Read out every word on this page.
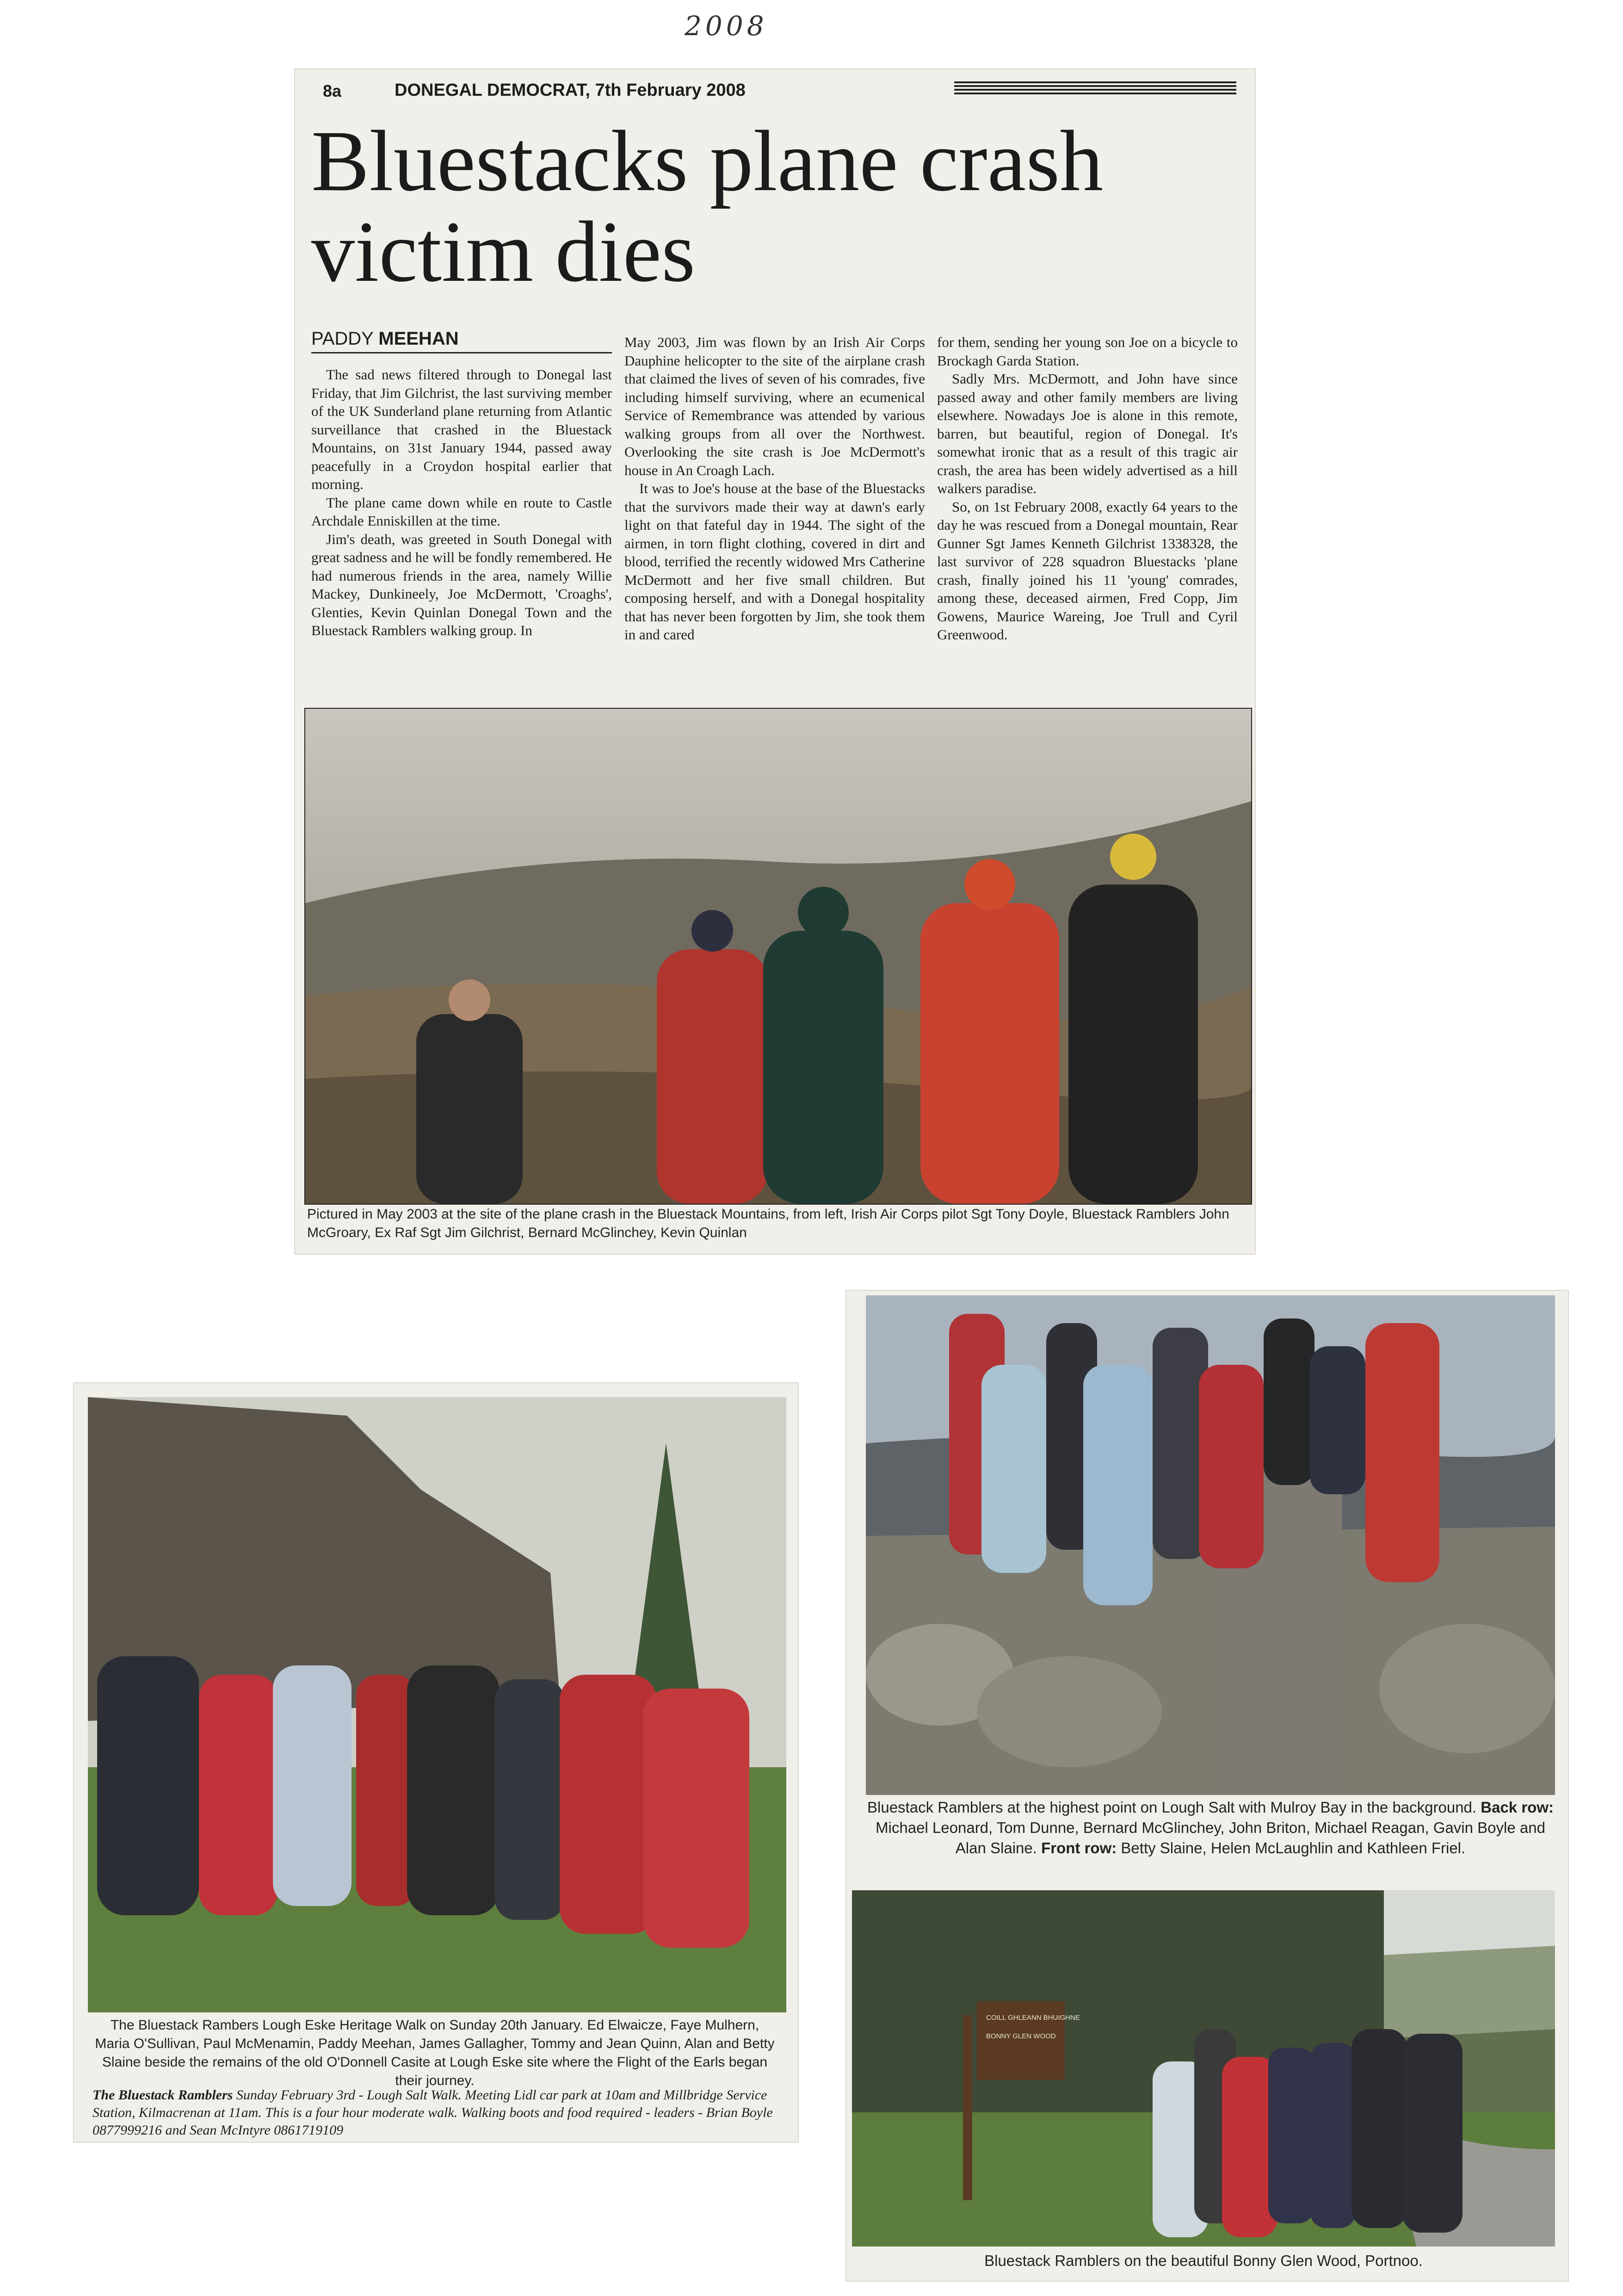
2008
8a	DONEGAL DEMOCRAT, 7th February 2008
Bluestacks plane crash victim dies
PADDY MEEHAN

The sad news filtered through to Donegal last Friday, that Jim Gilchrist, the last surviving member of the UK Sunderland plane returning from Atlantic surveillance that crashed in the Bluestack Mountains, on 31st January 1944, passed away peacefully in a Croydon hospital earlier that morning.

The plane came down while en route to Castle Archdale Enniskillen at the time.

Jim's death, was greeted in South Donegal with great sadness and he will be fondly remembered. He had numerous friends in the area, namely Willie Mackey, Dunkineely, Joe McDermott, 'Croaghs', Glenties, Kevin Quinlan Donegal Town and the Bluestack Ramblers walking group. In

May 2003, Jim was flown by an Irish Air Corps Dauphine helicopter to the site of the airplane crash that claimed the lives of seven of his comrades, five including himself surviving, where an ecumenical Service of Remembrance was attended by various walking groups from all over the Northwest. Overlooking the site crash is Joe McDermott's house in An Croagh Lach.

It was to Joe's house at the base of the Bluestacks that the survivors made their way at dawn's early light on that fateful day in 1944. The sight of the airmen, in torn flight clothing, covered in dirt and blood, terrified the recently widowed Mrs Catherine McDermott and her five small children. But composing herself, and with a Donegal hospitality that has never been forgotten by Jim, she took them in and cared

for them, sending her young son Joe on a bicycle to Brockagh Garda Station.

Sadly Mrs. McDermott, and John have since passed away and other family members are living elsewhere. Nowadays Joe is alone in this remote, barren, but beautiful, region of Donegal. It's somewhat ironic that as a result of this tragic air crash, the area has been widely advertised as a hill walkers paradise.

So, on 1st February 2008, exactly 64 years to the day he was rescued from a Donegal mountain, Rear Gunner Sgt James Kenneth Gilchrist 1338328, the last survivor of 228 squadron Bluestacks 'plane crash, finally joined his 11 'young' comrades, among these, deceased airmen, Fred Copp, Jim Gowens, Maurice Wareing, Joe Trull and Cyril Greenwood.

Pictured in May 2003 at the site of the plane crash in the Bluestack Mountains, from left, Irish Air Corps pilot Sgt Tony Doyle, Bluestack Ramblers John McGroary, Ex Raf Sgt Jim Gilchrist, Bernard McGlinchey, Kevin Quinlan
The Bluestack Rambers Lough Eske Heritage Walk on Sunday 20th January. Ed Elwaicze, Faye Mulhern, Maria O'Sullivan, Paul McMenamin, Paddy Meehan, James Gallagher, Tommy and Jean Quinn, Alan and Betty Slaine beside the remains of the old O'Donnell Casite at Lough Eske site where the Flight of the Earls began their journey.
The Bluestack Ramblers Sunday February 3rd - Lough Salt Walk. Meeting Lidl car park at 10am and Millbridge Service Station, Kilmacrenan at 11am. This is a four hour moderate walk. Walking boots and food required - leaders - Brian Boyle 0877999216 and Sean McIntyre 0861719109
Bluestack Ramblers at the highest point on Lough Salt with Mulroy Bay in the background. Back row: Michael Leonard, Tom Dunne, Bernard McGlinchey, John Briton, Michael Reagan, Gavin Boyle and Alan Slaine. Front row: Betty Slaine, Helen McLaughlin and Kathleen Friel.
COILL GHLEANN BHUIGHNE
BONNY GLEN WOOD
Bluestack Ramblers on the beautiful Bonny Glen Wood, Portnoo.
